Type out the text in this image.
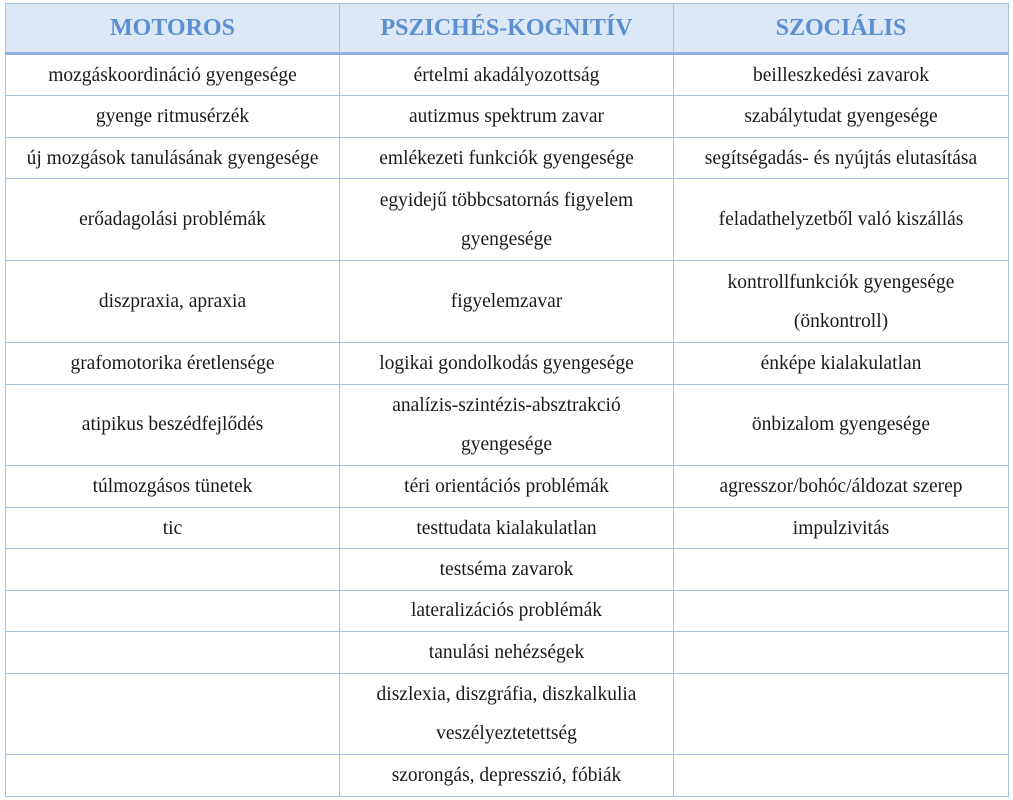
MOTOROS	PSZICHÉS-KOGNITÍV	SZOCIÁLIS
mozgáskoordináció gyengesége	értelmi akadályozottság	beilleszkedési zavarok
gyenge ritmusérzék	autizmus spektrum zavar	szabálytudat gyengesége
új mozgások tanulásának gyengesége	emlékezeti funkciók gyengesége	segítségadás- és nyújtás elutasítása
erőadagolási problémák	egyidejű többcsatornás figyelem gyengesége	feladathelyzetből való kiszállás
diszpraxia, apraxia	figyelemzavar	kontrollfunkciók gyengesége (önkontroll)
grafomotorika éretlensége	logikai gondolkodás gyengesége	énképe kialakulatlan
atipikus beszédfejlődés	analízis-szintézis-absztrakció gyengesége	önbizalom gyengesége
túlmozgásos tünetek	téri orientációs problémák	agresszor/bohóc/áldozat szerep
tic	testtudata kialakulatlan	impulzivitás
	testséma zavarok	
	lateralizációs problémák	
	tanulási nehézségek	
	diszlexia, diszgráfia, diszkalkulia veszélyeztetettség	
	szorongás, depresszió, fóbiák	
